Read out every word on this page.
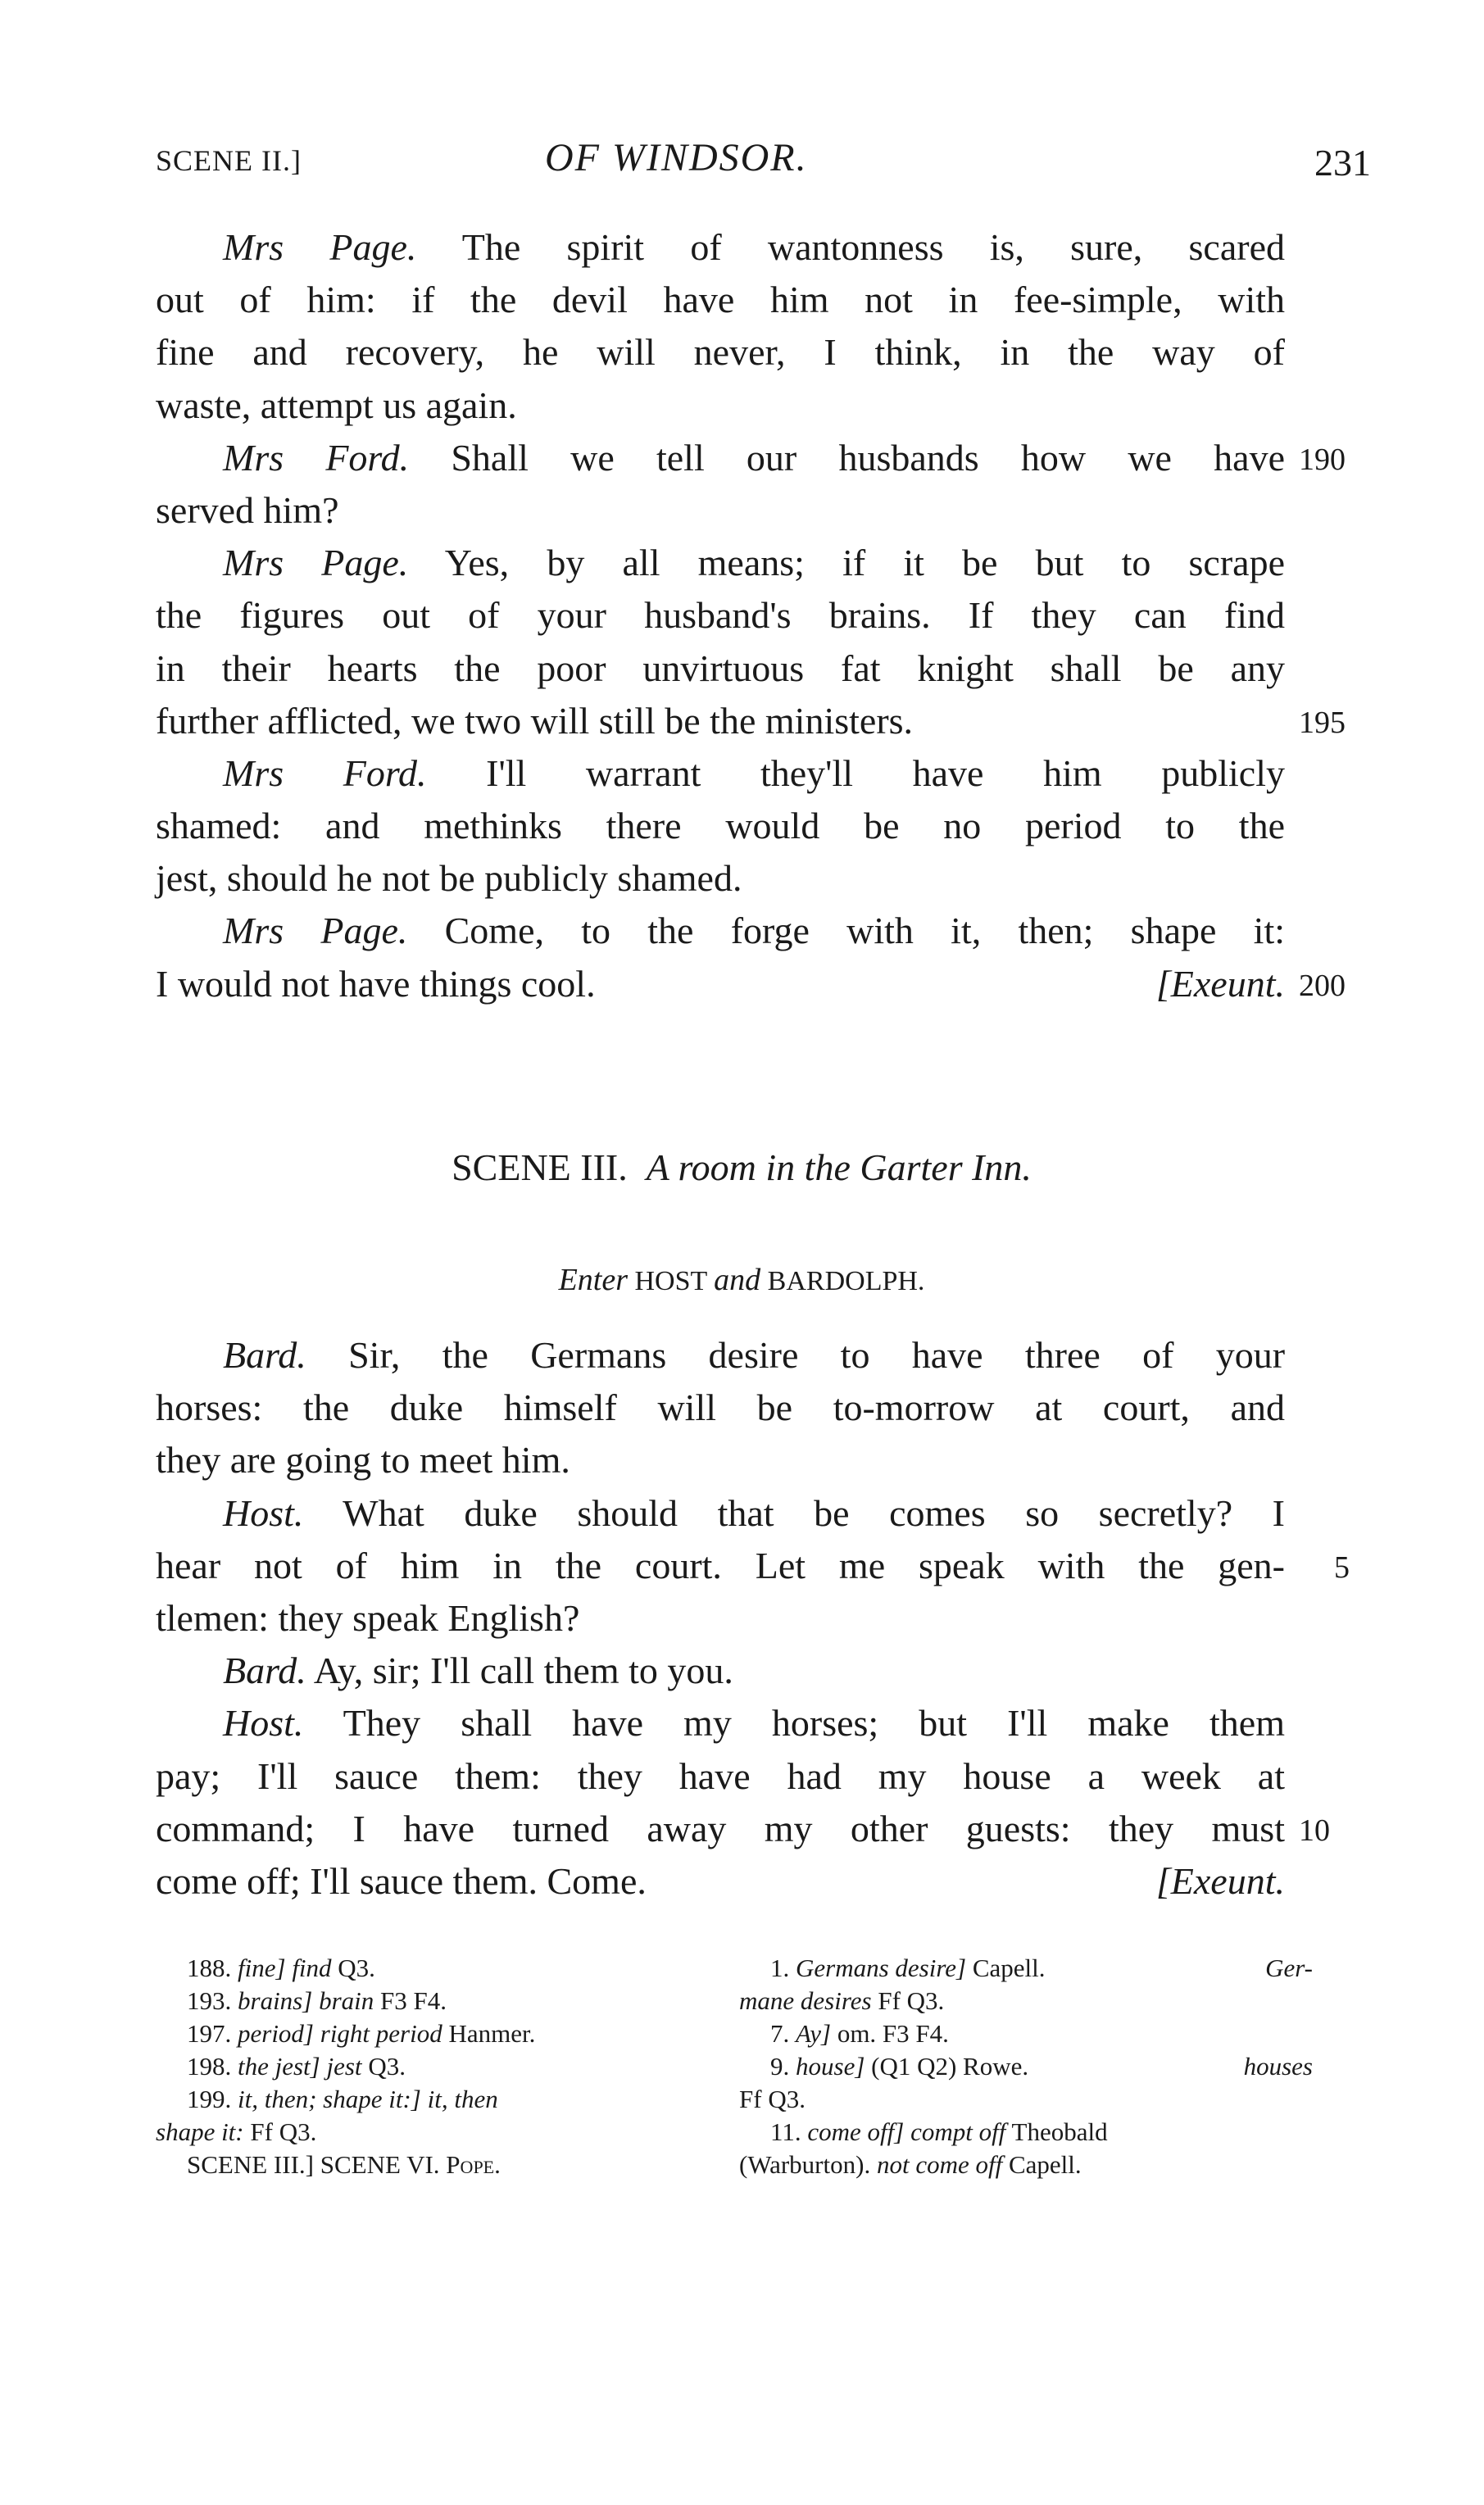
SCENE II.]	OF WINDSOR.	231
Mrs Page. The spirit of wantonness is, sure, scared
out of him: if the devil have him not in fee-simple, with
fine and recovery, he will never, I think, in the way of
waste, attempt us again.
Mrs Ford. Shall we tell our husbands how we have 190
served him?
Mrs Page. Yes, by all means; if it be but to scrape
the figures out of your husband's brains. If they can find
in their hearts the poor unvirtuous fat knight shall be any
further afflicted, we two will still be the ministers.	195
Mrs Ford. I'll warrant they'll have him publicly
shamed: and methinks there would be no period to the
jest, should he not be publicly shamed.
Mrs Page. Come, to the forge with it, then; shape it:
I would not have things cool.	[Exeunt. 200
SCENE III. A room in the Garter Inn.
Enter HOST and BARDOLPH.
Bard. Sir, the Germans desire to have three of your
horses: the duke himself will be to-morrow at court, and
they are going to meet him.
Host. What duke should that be comes so secretly? I
hear not of him in the court. Let me speak with the gen- 5
tlemen: they speak English?
Bard. Ay, sir; I'll call them to you.
Host. They shall have my horses; but I'll make them
pay; I'll sauce them: they have had my house a week at
command; I have turned away my other guests: they must 10
come off; I'll sauce them. Come.	[Exeunt.
188. fine] find Q3.
193. brains] brain F3 F4.
197. period] right period Hanmer.
198. the jest] jest Q3.
199. it, then; shape it:] it, then
shape it: Ff Q3.
SCENE III.] SCENE VI. Pope.
1. Germans desire] Capell.	Ger-
mane desires Ff Q3.
7. Ay] om. F3 F4.
9. house] (Q1 Q2) Rowe.	houses
Ff Q3.
11. come off] compt off Theobald
(Warburton). not come off Capell.
